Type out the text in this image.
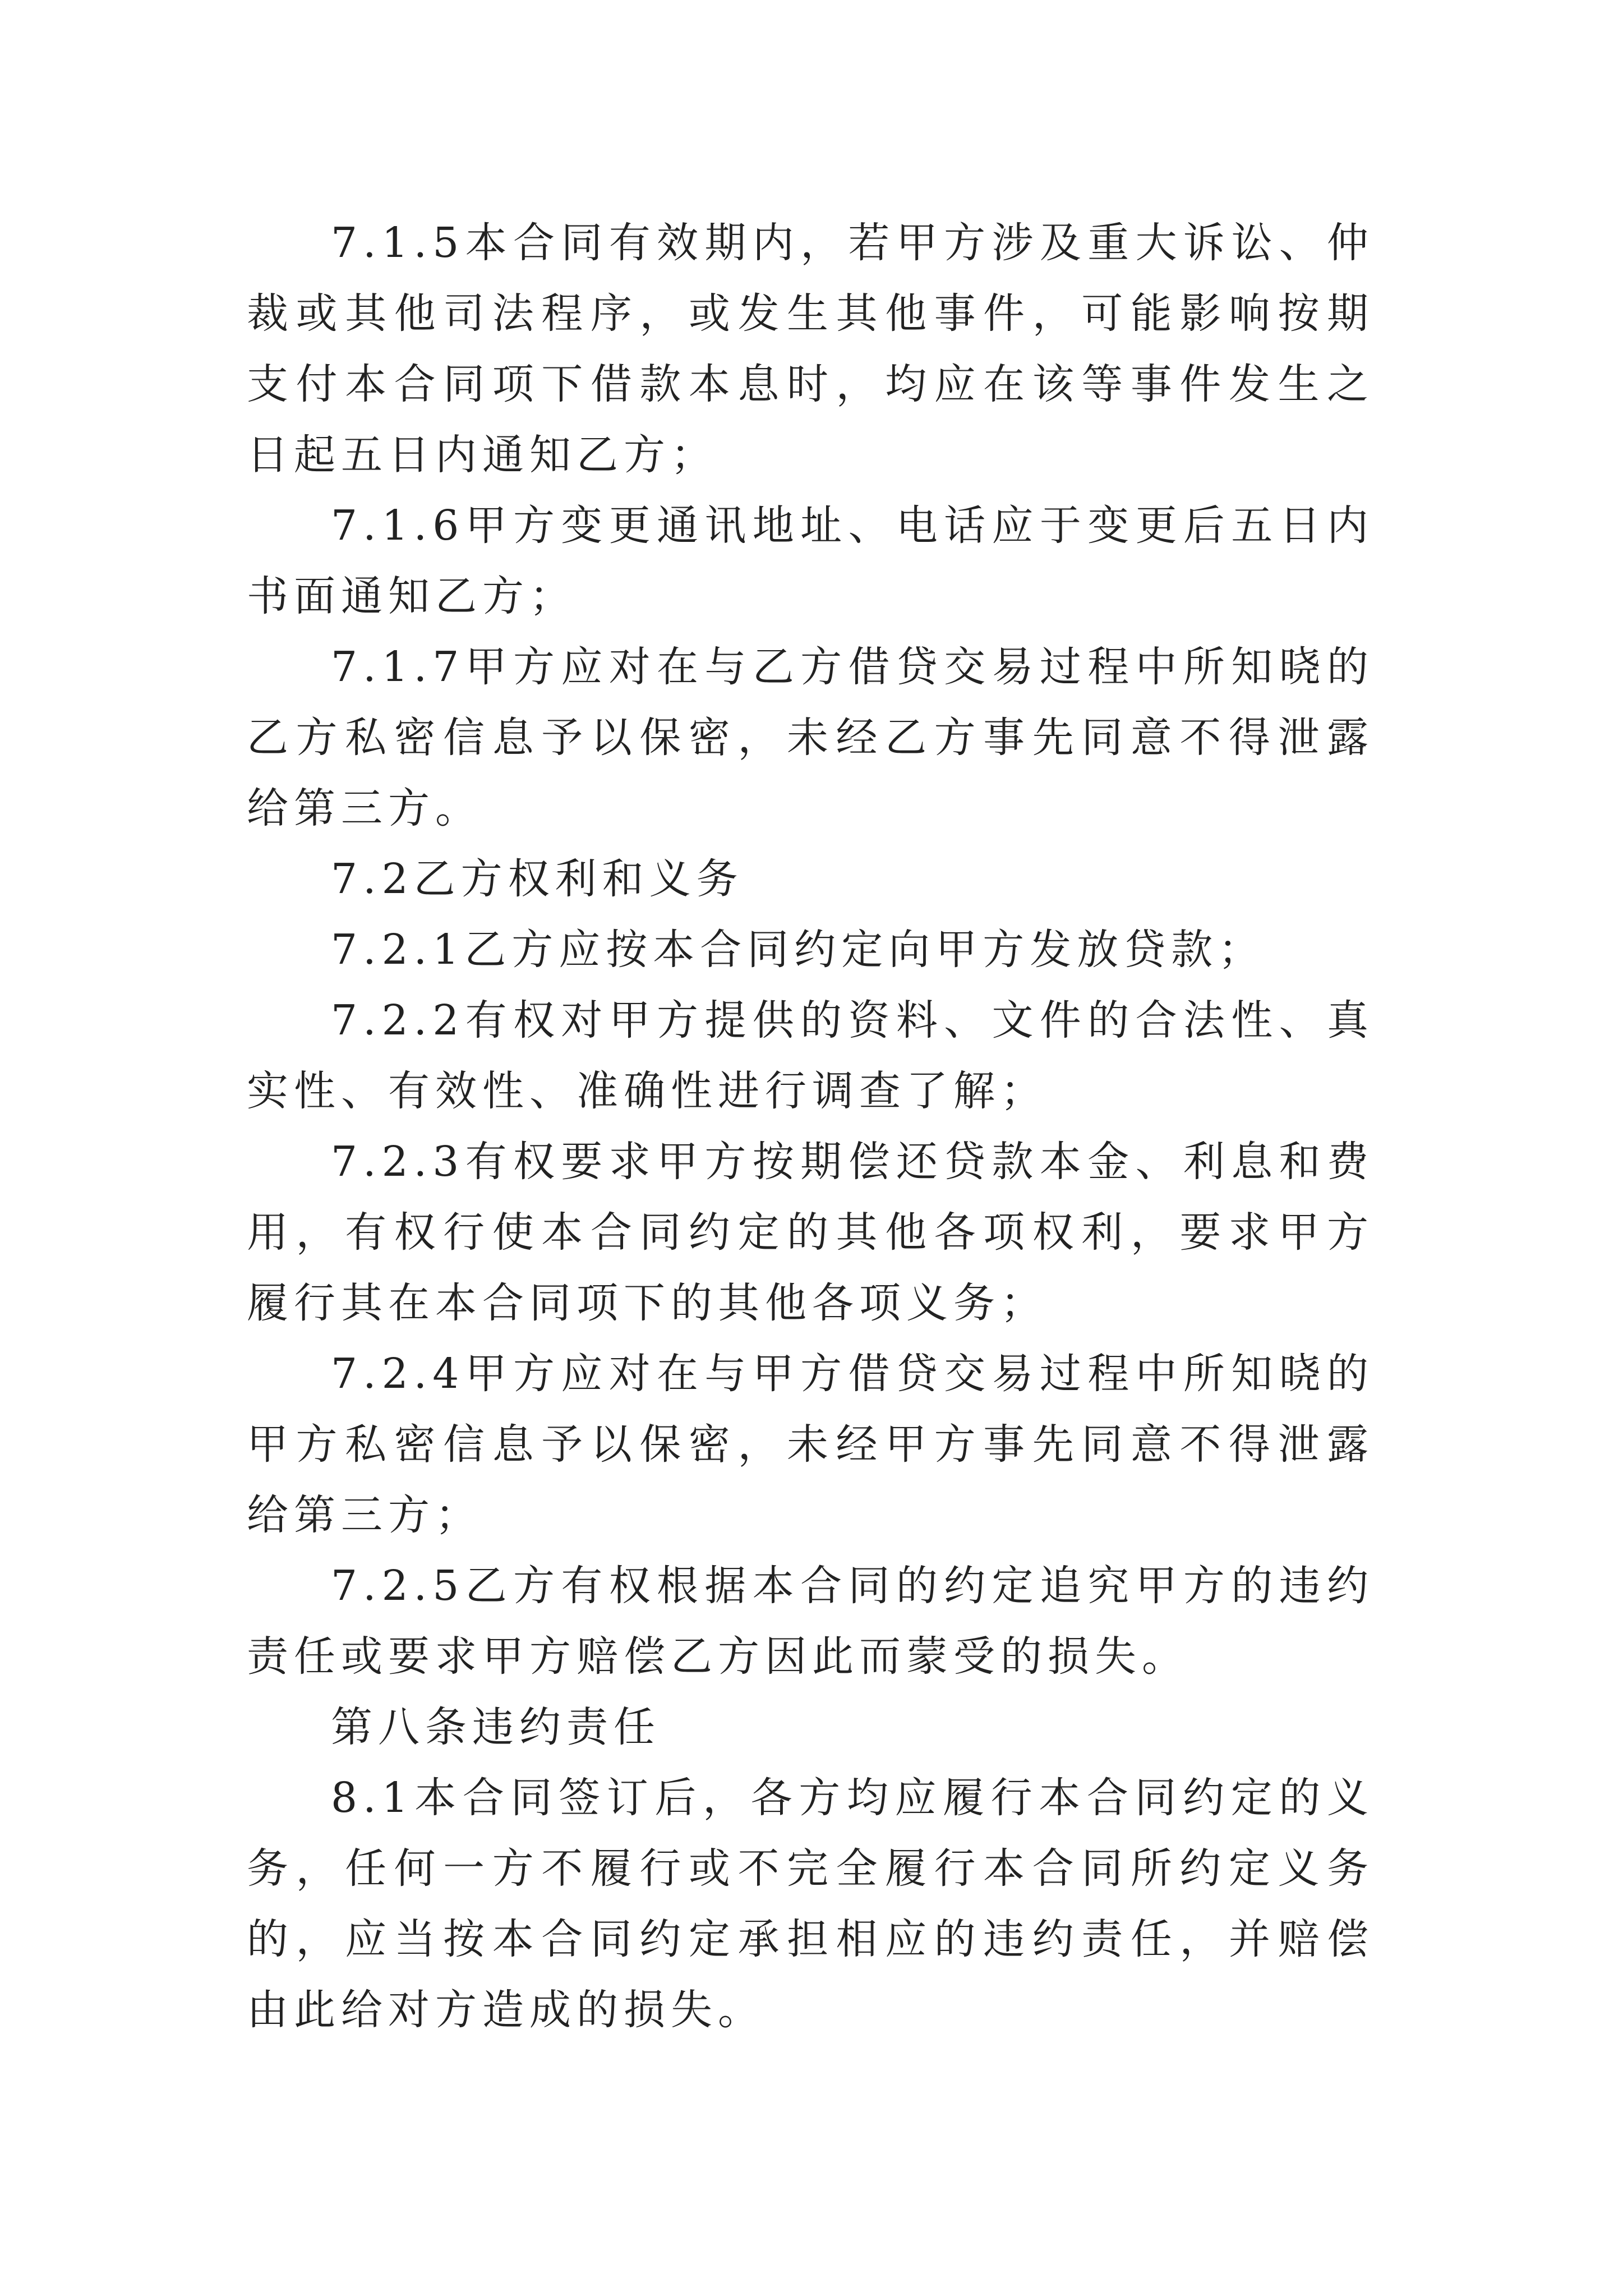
7.1.5本合同有效期内，若甲方涉及重大诉讼、仲裁或其他司法程序，或发生其他事件，可能影响按期支付本合同项下借款本息时，均应在该等事件发生之日起五日内通知乙方；

7.1.6甲方变更通讯地址、电话应于变更后五日内书面通知乙方；

7.1.7甲方应对在与乙方借贷交易过程中所知晓的乙方私密信息予以保密，未经乙方事先同意不得泄露给第三方。

7.2乙方权利和义务

7.2.1乙方应按本合同约定向甲方发放贷款；

7.2.2有权对甲方提供的资料、文件的合法性、真实性、有效性、准确性进行调查了解；

7.2.3有权要求甲方按期偿还贷款本金、利息和费用，有权行使本合同约定的其他各项权利，要求甲方履行其在本合同项下的其他各项义务；

7.2.4甲方应对在与甲方借贷交易过程中所知晓的甲方私密信息予以保密，未经甲方事先同意不得泄露给第三方；

7.2.5乙方有权根据本合同的约定追究甲方的违约责任或要求甲方赔偿乙方因此而蒙受的损失。

第八条违约责任

8.1本合同签订后，各方均应履行本合同约定的义务，任何一方不履行或不完全履行本合同所约定义务的，应当按本合同约定承担相应的违约责任，并赔偿由此给对方造成的损失。
